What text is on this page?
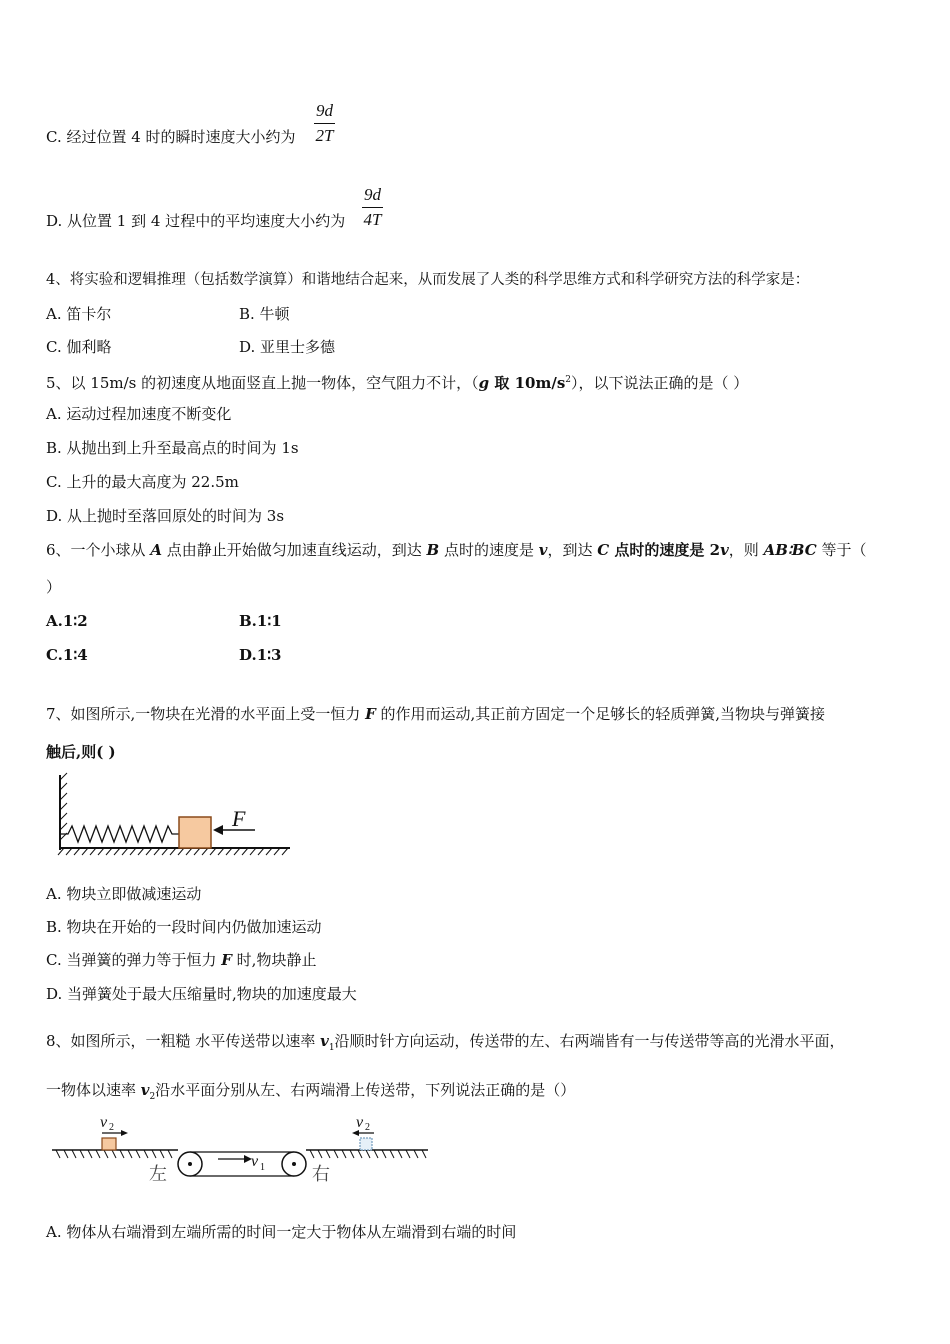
C. 经过位置 4 时的瞬时速度大小约为
9d
2T
D. 从位置 1 到 4 过程中的平均速度大小约为
9d
4T
4、将实验和逻辑推理（包括数学演算）和谐地结合起来，从而发展了人类的科学思维方式和科学研究方法的科学家是：
A. 笛卡尔	B. 牛顿
C. 伽利略	D. 亚里士多德
5、以 15m/s 的初速度从地面竖直上抛一物体，空气阻力不计，（g 取 $10m/s^2$），以下说法正确的是（ ）
A. 运动过程加速度不断变化
B. 从抛出到上升至最高点的时间为 1s
C. 上升的最大高度为 22.5m
D. 从上抛时至落回原处的时间为 3s
6、一个小球从 A 点由静止开始做匀加速直线运动，到达 B 点时的速度是 v，到达 C 点时的速度是 2v，则 AB∶BC 等于（
）
A.1∶2	B.1∶1
C.1∶4	D.1∶3
7、如图所示,一物块在光滑的水平面上受一恒力 F 的作用而运动,其正前方固定一个足够长的轻质弹簧,当物块与弹簧接
触后,则( )
F
A. 物块立即做减速运动
B. 物块在开始的一段时间内仍做加速运动
C. 当弹簧的弹力等于恒力 F 时,物块静止
D. 当弹簧处于最大压缩量时,物块的加速度最大
8、如图所示，一粗糙 水平传送带以速率 $v_1$沿顺时针方向运动，传送带的左、右两端皆有一与传送带等高的光滑水平面，
一物体以速率 $v_2$沿水平面分别从左、右两端滑上传送带，下列说法正确的是（）
v 1
v 2	v 2
左	右
A. 物体从右端滑到左端所需的时间一定大于物体从左端滑到右端的时间
